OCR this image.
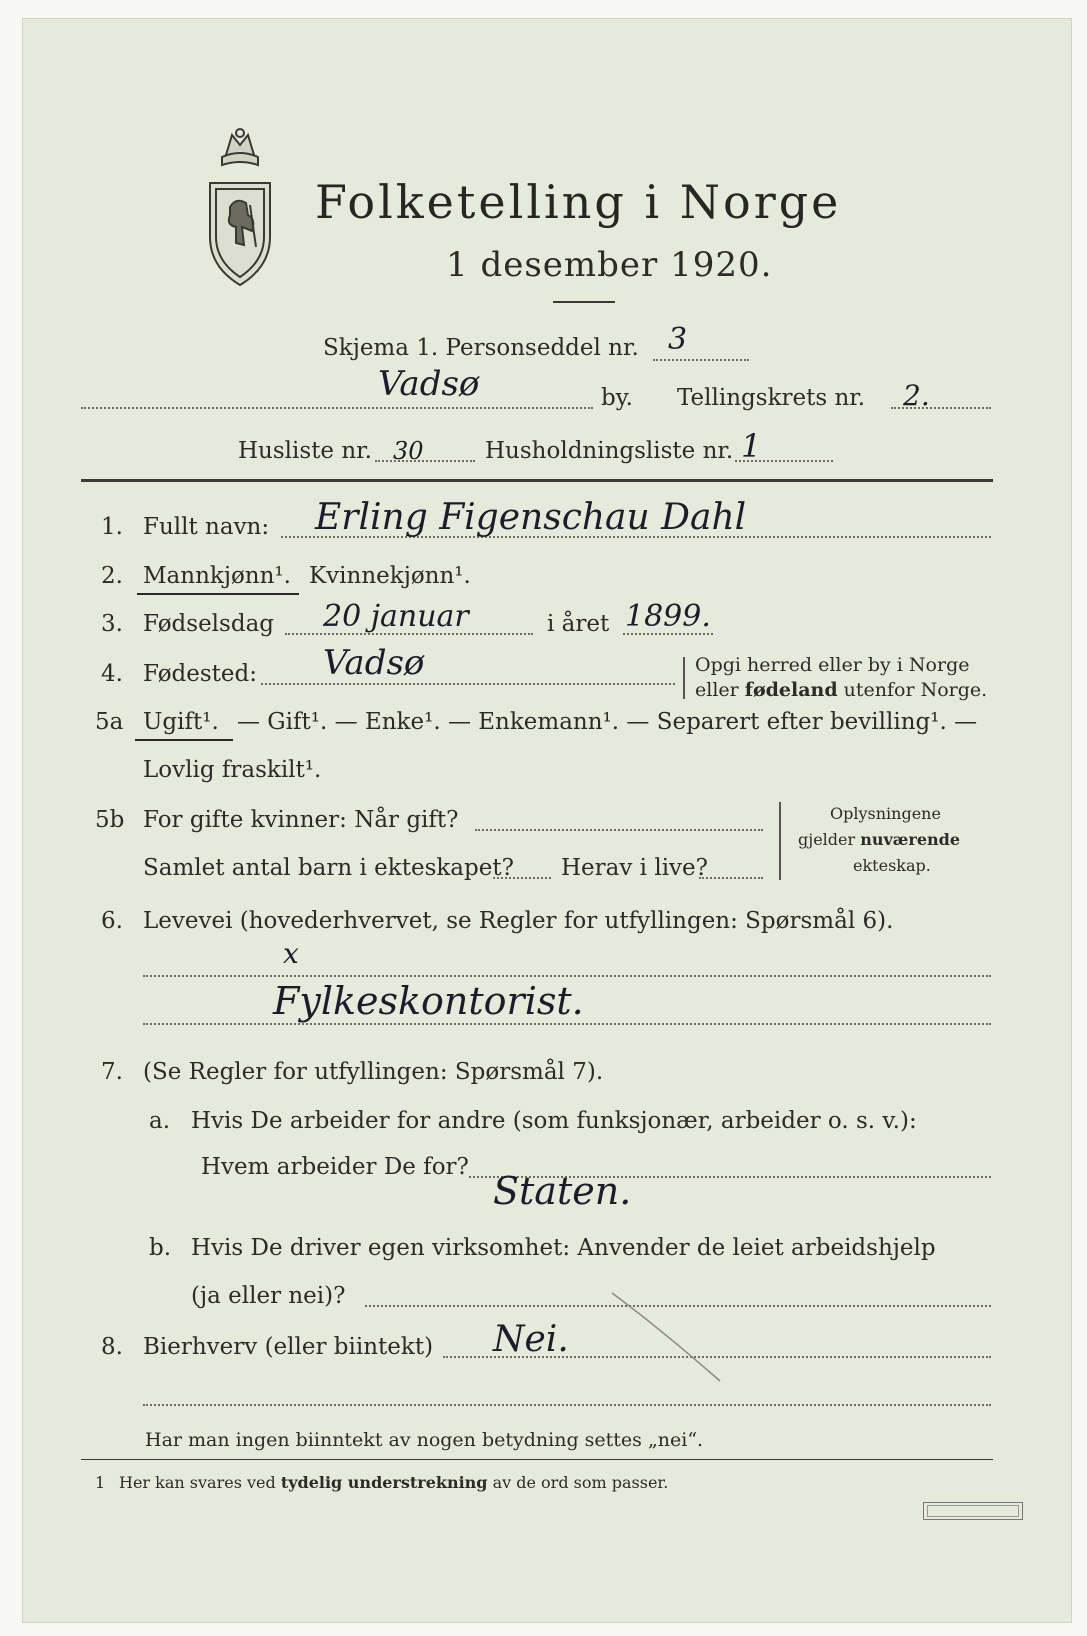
Folketelling i Norge
1 desember 1920.
Skjema 1. Personseddel nr. 3
Vadsø	by. Tellingskrets nr. 2.
Husliste nr. 30	Husholdningsliste nr. 1
1. Fullt navn: Erling Figenschau Dahl
2. Mannkjønn¹. Kvinnekjønn¹.
3. Fødselsdag 20 januar	i året 1899.
4. Fødested: Vadsø	Opgi herred eller by i Norge
eller fødeland utenfor Norge.
5a Ugift¹. — Gift¹. — Enke¹. — Enkemann¹. — Separert efter bevilling¹. —
Lovlig fraskilt¹.
5b For gifte kvinner: Når gift?
Samlet antal barn i ekteskapet? Herav i live?
Oplysningene
gjelder nuværende
ekteskap.
6. Levevei (hovederhvervet, se Regler for utfyllingen: Spørsmål 6).
x
Fylkeskontorist.
7. (Se Regler for utfyllingen: Spørsmål 7).
a. Hvis De arbeider for andre (som funksjonær, arbeider o. s. v.):
Hvem arbeider De for?
Staten.
b. Hvis De driver egen virksomhet: Anvender de leiet arbeidshjelp
(ja eller nei)?
8. Bierhverv (eller biintekt) Nei.
Har man ingen biinntekt av nogen betydning settes „nei“.
1 Her kan svares ved tydelig understrekning av de ord som passer.
